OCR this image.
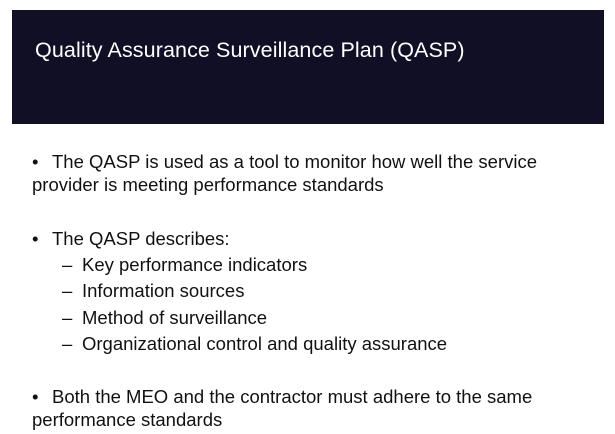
Quality Assurance Surveillance Plan (QASP)
• The QASP is used as a tool to monitor how well the service
provider is meeting performance standards
• The QASP describes:
– Key performance indicators
– Information sources
– Method of surveillance
– Organizational control and quality assurance
• Both the MEO and the contractor must adhere to the same
performance standards
